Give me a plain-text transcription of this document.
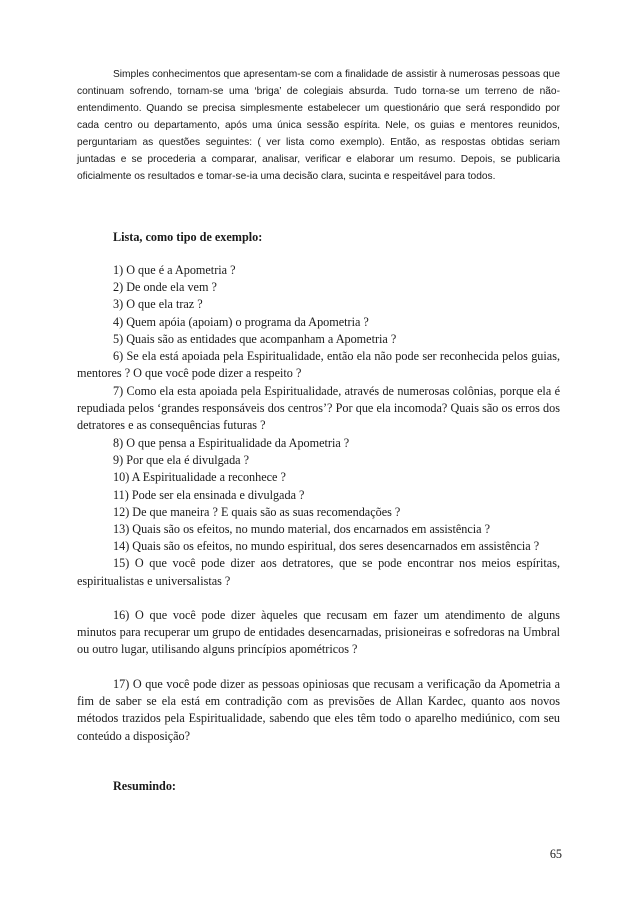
Simples conhecimentos que apresentam-se com a finalidade de assistir à numerosas pessoas que continuam sofrendo, tornam-se uma ‘briga’ de colegiais absurda. Tudo torna-se um terreno de não-entendimento. Quando se precisa simplesmente estabelecer um questionário que será respondido por cada centro ou departamento, após uma única sessão espírita. Nele, os guias e mentores reunidos, perguntariam as questões seguintes: ( ver lista como exemplo). Então, as respostas obtidas seriam juntadas e se procederia a comparar, analisar, verificar e elaborar um resumo. Depois, se publicaria oficialmente os resultados e tomar-se-ia uma decisão clara, sucinta e respeitável para todos.

Lista, como tipo de exemplo:
1) O que é a Apometria ?
2) De onde ela vem ?
3) O que ela traz ?
4) Quem apóia (apoiam) o programa da Apometria ?

5) Quais são as entidades que acompanham a Apometria ?

6) Se ela está apoiada pela Espiritualidade, então ela não pode ser reconhecida pelos guias, mentores ? O que você pode dizer a respeito ?

7) Como ela esta apoiada pela Espiritualidade, através de numerosas colônias, porque ela é repudiada pelos ‘grandes responsáveis dos centros’? Por que ela incomoda? Quais são os erros dos detratores e as consequências futuras ?

8) O que pensa a Espiritualidade da Apometria ?
9) Por que ela é divulgada ?
10) A Espiritualidade a reconhece ?
11) Pode ser ela ensinada e divulgada ?
12) De que maneira ? E quais são as suas recomendações ?

13) Quais são os efeitos, no mundo material, dos encarnados em assistência ?

14) Quais são os efeitos, no mundo espiritual, dos seres desencarnados em assistência ?

15) O que você pode dizer aos detratores, que se pode encontrar nos meios espíritas, espiritualistas e universalistas ?

16) O que você pode dizer àqueles que recusam em fazer um atendimento de alguns minutos para recuperar um grupo de entidades desencarnadas, prisioneiras e sofredoras na Umbral ou outro lugar, utilisando alguns princípios apométricos ?

17) O que você pode dizer as pessoas opiniosas que recusam a verificação da Apometria a fim de saber se ela está em contradição com as previsões de Allan Kardec, quanto aos novos métodos trazidos pela Espiritualidade, sabendo que eles têm todo o aparelho mediúnico, com seu conteúdo a disposição?

Resumindo:
65
